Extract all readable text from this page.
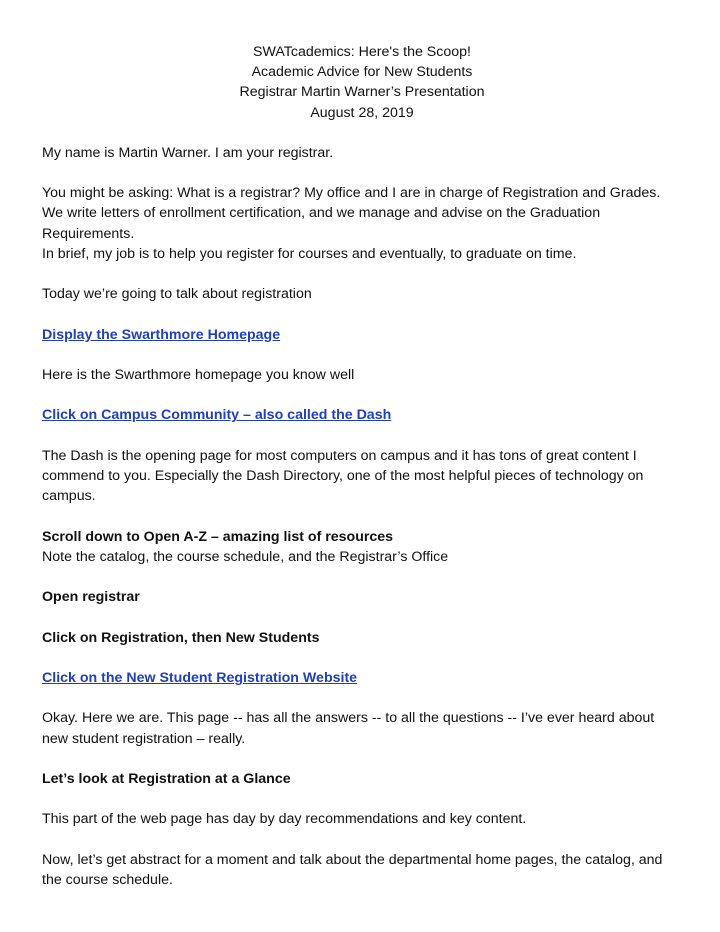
SWATcademics: Here's the Scoop!
Academic Advice for New Students
Registrar Martin Warner’s Presentation
August 28, 2019

My name is Martin Warner. I am your registrar.

You might be asking: What is a registrar? My office and I are in charge of Registration and Grades. We write letters of enrollment certification, and we manage and advise on the Graduation Requirements.
In brief, my job is to help you register for courses and eventually, to graduate on time.

Today we’re going to talk about registration

Display the Swarthmore Homepage

Here is the Swarthmore homepage you know well

Click on Campus Community – also called the Dash

The Dash is the opening page for most computers on campus and it has tons of great content I commend to you. Especially the Dash Directory, one of the most helpful pieces of technology on campus.

Scroll down to Open A-Z – amazing list of resources
Note the catalog, the course schedule, and the Registrar’s Office

Open registrar

Click on Registration, then New Students

Click on the New Student Registration Website

Okay. Here we are. This page -- has all the answers -- to all the questions -- I’ve ever heard about new student registration – really.

Let’s look at Registration at a Glance

This part of the web page has day by day recommendations and key content.

Now, let’s get abstract for a moment and talk about the departmental home pages, the catalog, and the course schedule.
